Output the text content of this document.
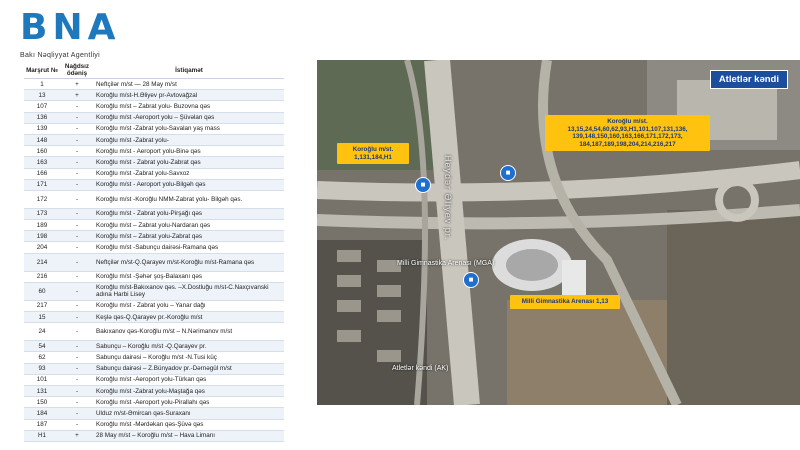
BNA
Bakı Nəqliyyat Agentliyi
Marşrut №	Nağdsız ödəniş	İstiqamət
1	+	Neftçilər m/st — 28 May m/st
13	+	Koroğlu m/st-H.Əliyev pr-Avtovağzal
107	-	Koroğlu m/st – Zabrat yolu- Buzovna qəs
136	-	Koroğlu m/st -Aeroport yolu – Şüvəlan qəs
139	-	Koroğlu m/st -Zabrat yolu-Savalan yaş mass
148	-	Koroğlu m/st -Zabrat yolu-
160	-	Koroğlu m/st - Aeroport yolu-Binə qəs
163	-	Koroğlu m/st - Zabrat yolu-Zabrat qəs
166	-	Koroğlu m/st -Zabrat yolu-Savxoz
171	-	Koroğlu m/st - Aeroport yolu-Bilgəh qəs
172	-	Koroğlu m/st -Koroğlu NMM-Zabrat yolu- Bilgəh qəs.
173	-	Koroğlu m/st - Zabrat yolu-Pirşağı qəs
189	-	Koroğlu m/st – Zabrat yolu-Nardaran qəs
198	-	Koroğlu m/st – Zabrat yolu-Zabrat qəs
204	-	Koroğlu m/st -Sabunçu dairəsi-Ramana qəs
214	-	Neftçilər m/st-Q.Qarayev m/st-Koroğlu m/st-Ramana qəs
216	-	Koroğlu m/st -Şəhər şoş-Balaxanı qəs
60	-	Koroğlu m/st-Bakıxanov qəs. –X.Dostluğu m/st-C.Naxçıvanski adına Harbi Lisey
217	-	Koroğlu m/st - Zabrat yolu – Yanar dağı
15	-	Keşlə qəs-Q.Qarayev pr.-Koroğlu m/st
24	-	Bakıxanov qəs-Koroğlu m/st – N.Nərimanov m/st
54	-	Sabunçu – Koroğlu m/st -Q.Qarayev pr.
62	-	Sabunçu dairəsi – Koroğlu m/st -N.Tusi küç
93	-	Sabunçu dairəsi – Z.Bünyadov pr.-Dərnəgül m/st
101	-	Koroğlu m/st -Aeroport yolu-Türkan qəs
131	-	Koroğlu m/st -Zabrat yolu-Maştağa qəs
150	-	Koroğlu m/st -Aeroport yolu-Pirallahı qəs
184	-	Ulduz m/st-Əmircan qəs-Suraxanı
187	-	Koroğlu m/st -Mərdəkan qəs-Şüvə qəs
H1	+	28 May m/st – Koroğlu m/st – Hava Limanı
Atletlər kəndi
Koroğlu m/st. 1,131,184,H1
Koroğlu m/st. 13,15,24,54,60,62,93,H1,101,107,131,136, 139,148,150,160,163,166,171,172,173, 184,187,189,198,204,214,216,217
Milli Gimnastika Arenası 1,13
■
■
■
Heydər Əliyev pr.
Milli Gimnastika Arenası (MGA)
Atletlər kəndi (AK)
